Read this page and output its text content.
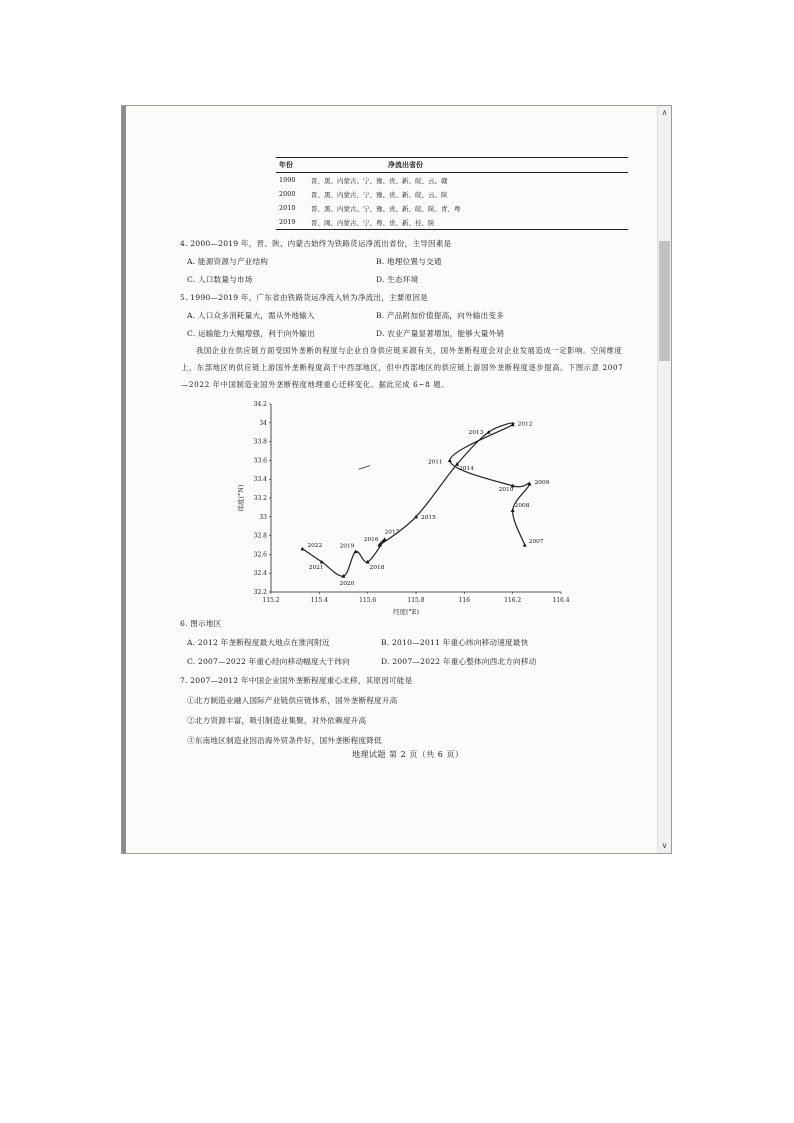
年份	净流出省份
1990	晋、黑、内蒙古、宁、豫、贵、新、皖、云、赣
2000	晋、黑、内蒙古、宁、豫、贵、新、皖、云、陕
2010	晋、黑、内蒙古、宁、豫、贵、新、皖、陕、青、粤
2019	晋、闽、内蒙古、宁、粤、贵、新、桂、陕
4. 2000—2019 年，晋、陕、内蒙古始终为铁路货运净流出省份，主导因素是
A. 能源资源与产业结构	B. 地理位置与交通
C. 人口数量与市场	D. 生态环境
5. 1990—2019 年，广东省由铁路货运净流入转为净流出，主要原因是
A. 人口众多消耗量大，需从外地输入	B. 产品附加价值提高，向外输出变多
C. 运输能力大幅增强，利于向外输出	D. 农业产量显著增加，能够大量外销
我国企业在供应链方面受国外垄断的程度与企业自身供应链来源有关，国外垄断程度会对企业发展造成一定影响。空间维度上，东部地区的供应链上游国外垄断程度高于中西部地区，但中西部地区的供应链上游国外垄断程度逐步提高。下图示意 2007—2022 年中国制造业国外垄断程度地理重心迁移变化。据此完成 6~8 题。
32.2
32.4
32.6
32.8
33
33.2
33.4
33.6
33.8
34
34.2
115.2	115.4	115.6	115.8	116	116.2	116.4
经度(°E)
纬度(°N)
2007
2008
2009
2010
2011
2012
2013
2014
2015
2016
2017
2018
2019
2020
2021
2022
6. 图示地区
A. 2012 年垄断程度最大地点在淮河附近	B. 2010—2011 年重心纬向移动速度最快
C. 2007—2022 年重心经向移动幅度大于纬向	D. 2007—2022 年重心整体向西北方向移动
7. 2007—2012 年中国企业国外垄断程度重心北移，其原因可能是
①北方制造业融入国际产业链供应链体系，国外垄断程度升高
②北方资源丰富，吸引制造业集聚，对外依赖度升高
③东南地区制造业因沿海外贸条件好，国外垄断程度降低
地理试题 第 2 页（共 6 页）
∧
∨
